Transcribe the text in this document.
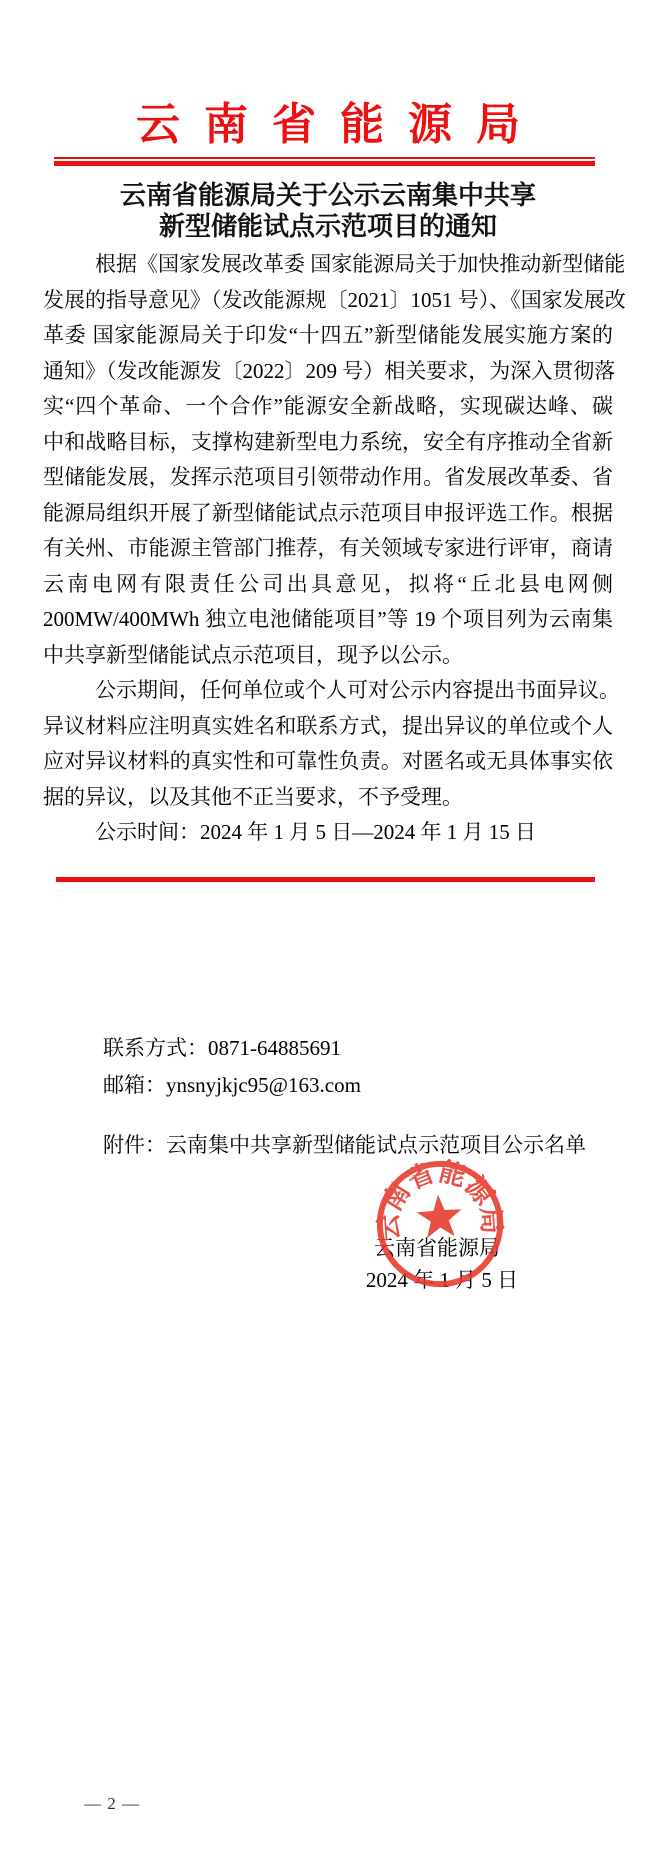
云南省能源局
云南省能源局关于公示云南集中共享
新型储能试点示范项目的通知
根据《国家发展改革委 国家能源局关于加快推动新型储能
发展的指导意见》（发改能源规〔2021〕1051 号）、《国家发展改
革委 国家能源局关于印发“十四五”新型储能发展实施方案的
通知》（发改能源发〔2022〕209 号）相关要求，为深入贯彻落
实“四个革命、一个合作”能源安全新战略，实现碳达峰、碳
中和战略目标，支撑构建新型电力系统，安全有序推动全省新
型储能发展，发挥示范项目引领带动作用。省发展改革委、省
能源局组织开展了新型储能试点示范项目申报评选工作。根据
有关州、市能源主管部门推荐，有关领域专家进行评审，商请
云南电网有限责任公司出具意见，拟将“丘北县电网侧
200MW/400MWh 独立电池储能项目”等 19 个项目列为云南集
中共享新型储能试点示范项目，现予以公示。
公示期间，任何单位或个人可对公示内容提出书面异议。
异议材料应注明真实姓名和联系方式，提出异议的单位或个人
应对异议材料的真实性和可靠性负责。对匿名或无具体事实依
据的异议，以及其他不正当要求，不予受理。
公示时间：2024 年 1 月 5 日—2024 年 1 月 15 日
联系方式：0871-64885691
邮箱：ynsnyjkjc95@163.com
附件：云南集中共享新型储能试点示范项目公示名单
云南省能源局
2024 年 1 月 5 日
云南省能源局
— 2 —
